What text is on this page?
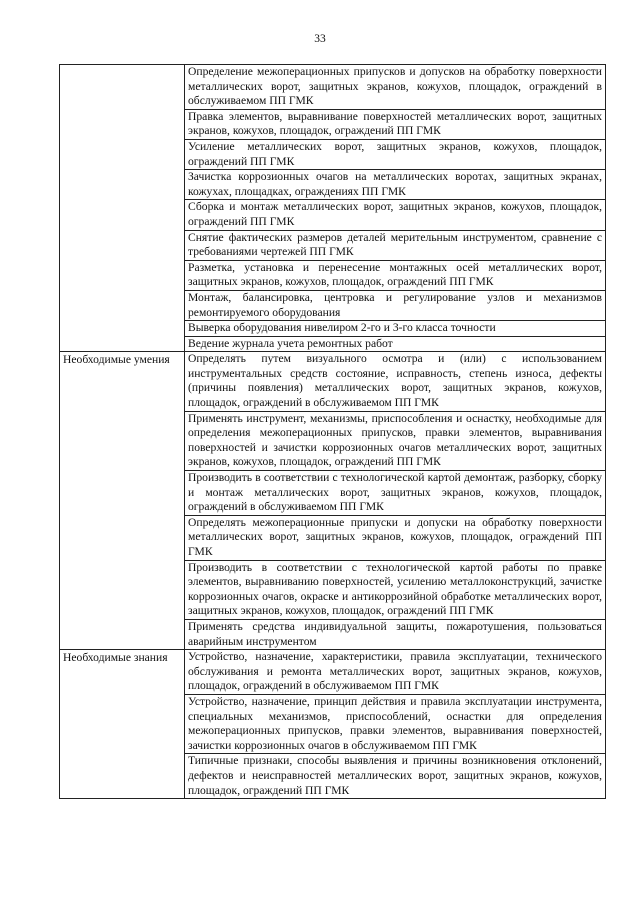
33
	Определение межоперационных припусков и допусков на обработку поверхности металлических ворот, защитных экранов, кожухов, площадок, ограждений в обслуживаемом ПП ГМК
	Правка элементов, выравнивание поверхностей металлических ворот, защитных экранов, кожухов, площадок, ограждений ПП ГМК
	Усиление металлических ворот, защитных экранов, кожухов, площадок, ограждений ПП ГМК
	Зачистка коррозионных очагов на металлических воротах, защитных экранах, кожухах, площадках, ограждениях ПП ГМК
	Сборка и монтаж металлических ворот, защитных экранов, кожухов, площадок, ограждений ПП ГМК
	Снятие фактических размеров деталей мерительным инструментом, сравнение с требованиями чертежей ПП ГМК
	Разметка, установка и перенесение монтажных осей металлических ворот, защитных экранов, кожухов, площадок, ограждений ПП ГМК
	Монтаж, балансировка, центровка и регулирование узлов и механизмов ремонтируемого оборудования
	Выверка оборудования нивелиром 2-го и 3-го класса точности
	Ведение журнала учета ремонтных работ
Необходимые умения	Определять путем визуального осмотра и (или) с использованием инструментальных средств состояние, исправность, степень износа, дефекты (причины появления) металлических ворот, защитных экранов, кожухов, площадок, ограждений в обслуживаемом ПП ГМК
	Применять инструмент, механизмы, приспособления и оснастку, необходимые для определения межоперационных припусков, правки элементов, выравнивания поверхностей и зачистки коррозионных очагов металлических ворот, защитных экранов, кожухов, площадок, ограждений ПП ГМК
	Производить в соответствии с технологической картой демонтаж, разборку, сборку и монтаж металлических ворот, защитных экранов, кожухов, площадок, ограждений в обслуживаемом ПП ГМК
	Определять межоперационные припуски и допуски на обработку поверхности металлических ворот, защитных экранов, кожухов, площадок, ограждений ПП ГМК
	Производить в соответствии с технологической картой работы по правке элементов, выравниванию поверхностей, усилению металлоконструкций, зачистке коррозионных очагов, окраске и антикоррозийной обработке металлических ворот, защитных экранов, кожухов, площадок, ограждений ПП ГМК
	Применять средства индивидуальной защиты, пожаротушения, пользоваться аварийным инструментом
Необходимые знания	Устройство, назначение, характеристики, правила эксплуатации, технического обслуживания и ремонта металлических ворот, защитных экранов, кожухов, площадок, ограждений в обслуживаемом ПП ГМК
	Устройство, назначение, принцип действия и правила эксплуатации инструмента, специальных механизмов, приспособлений, оснастки для определения межоперационных припусков, правки элементов, выравнивания поверхностей, зачистки коррозионных очагов в обслуживаемом ПП ГМК
	Типичные признаки, способы выявления и причины возникновения отклонений, дефектов и неисправностей металлических ворот, защитных экранов, кожухов, площадок, ограждений ПП ГМК
